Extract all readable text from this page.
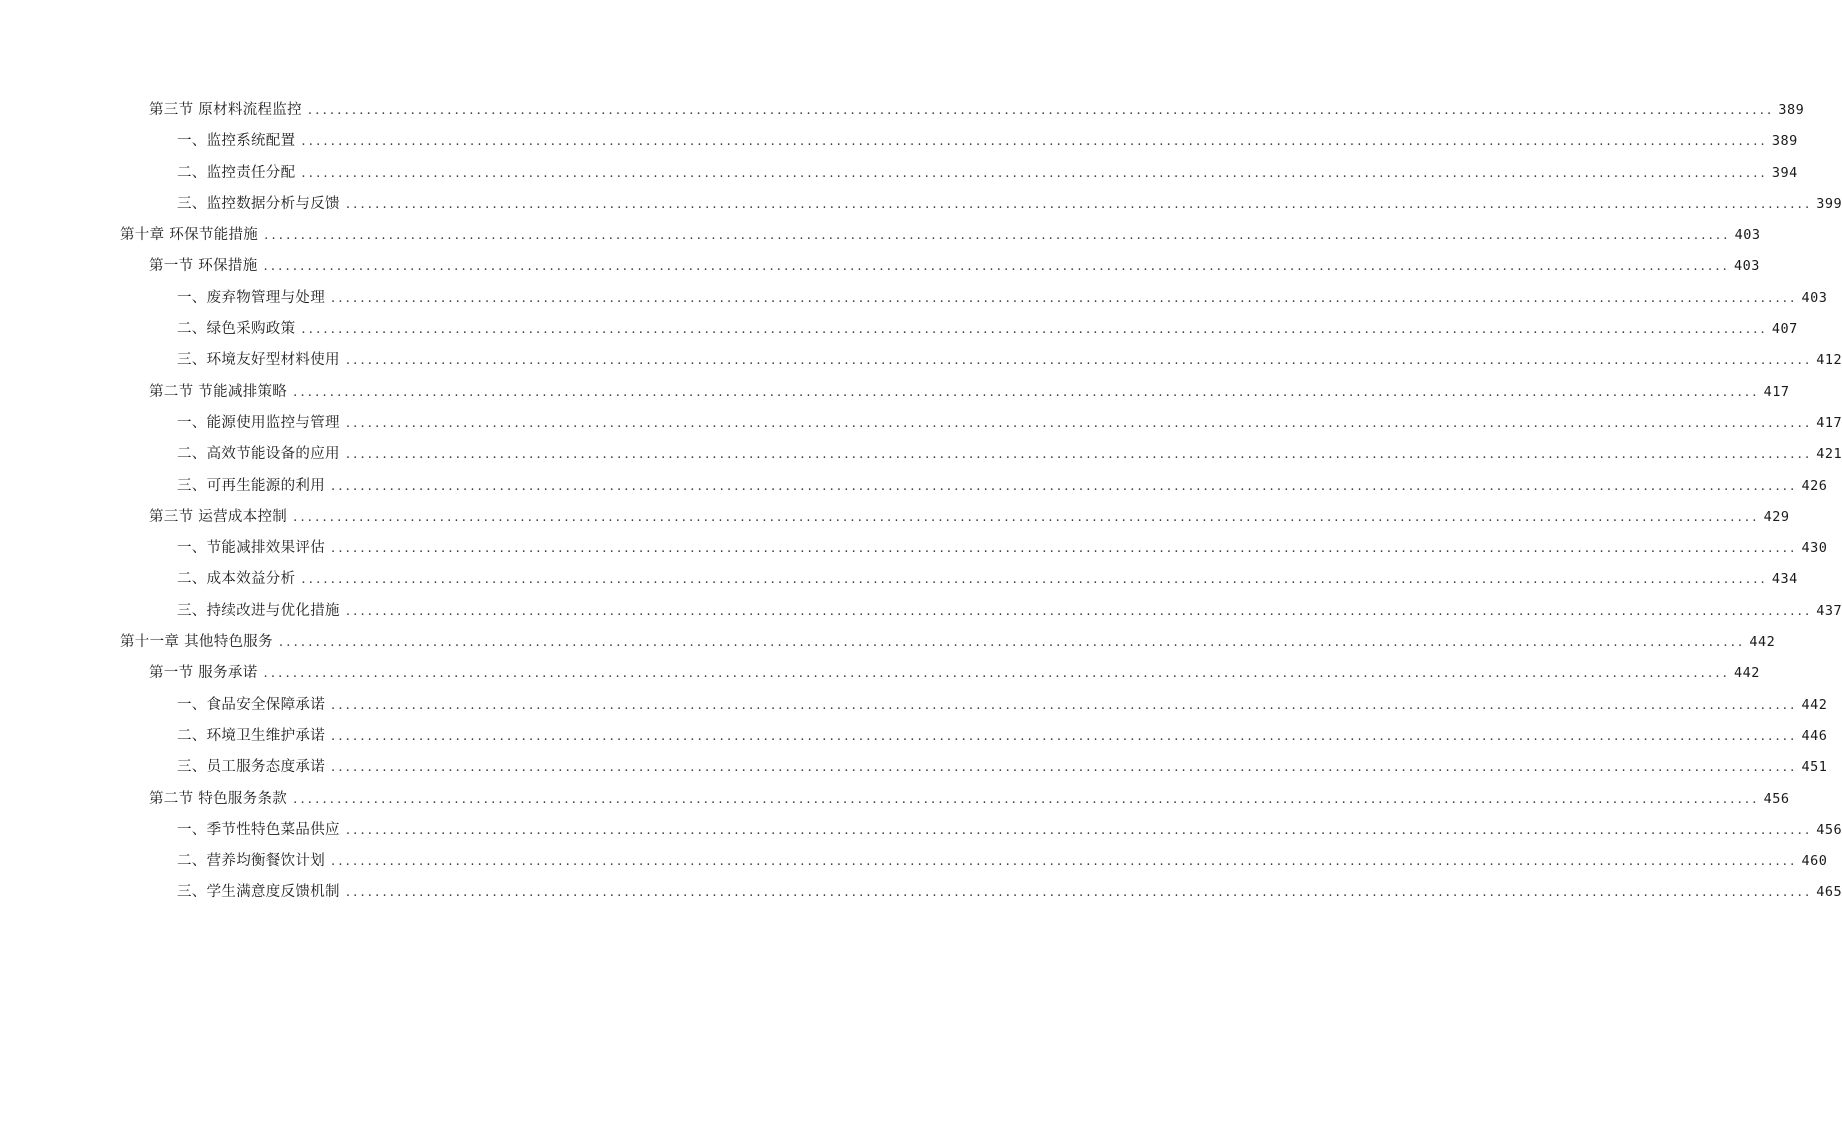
第三节 原材料流程监控 ........................................................................................................................................................................................................ 389
一、监控系统配置 ........................................................................................................................................................................................................ 389
二、监控责任分配 ........................................................................................................................................................................................................ 394
三、监控数据分析与反馈 ........................................................................................................................................................................................................ 399
第十章 环保节能措施 ........................................................................................................................................................................................................ 403
第一节 环保措施 ........................................................................................................................................................................................................ 403
一、废弃物管理与处理 ........................................................................................................................................................................................................ 403
二、绿色采购政策 ........................................................................................................................................................................................................ 407
三、环境友好型材料使用 ........................................................................................................................................................................................................ 412
第二节 节能减排策略 ........................................................................................................................................................................................................ 417
一、能源使用监控与管理 ........................................................................................................................................................................................................ 417
二、高效节能设备的应用 ........................................................................................................................................................................................................ 421
三、可再生能源的利用 ........................................................................................................................................................................................................ 426
第三节 运营成本控制 ........................................................................................................................................................................................................ 429
一、节能减排效果评估 ........................................................................................................................................................................................................ 430
二、成本效益分析 ........................................................................................................................................................................................................ 434
三、持续改进与优化措施 ........................................................................................................................................................................................................ 437
第十一章 其他特色服务 ........................................................................................................................................................................................................ 442
第一节 服务承诺 ........................................................................................................................................................................................................ 442
一、食品安全保障承诺 ........................................................................................................................................................................................................ 442
二、环境卫生维护承诺 ........................................................................................................................................................................................................ 446
三、员工服务态度承诺 ........................................................................................................................................................................................................ 451
第二节 特色服务条款 ........................................................................................................................................................................................................ 456
一、季节性特色菜品供应 ........................................................................................................................................................................................................ 456
二、营养均衡餐饮计划 ........................................................................................................................................................................................................ 460
三、学生满意度反馈机制 ........................................................................................................................................................................................................ 465
